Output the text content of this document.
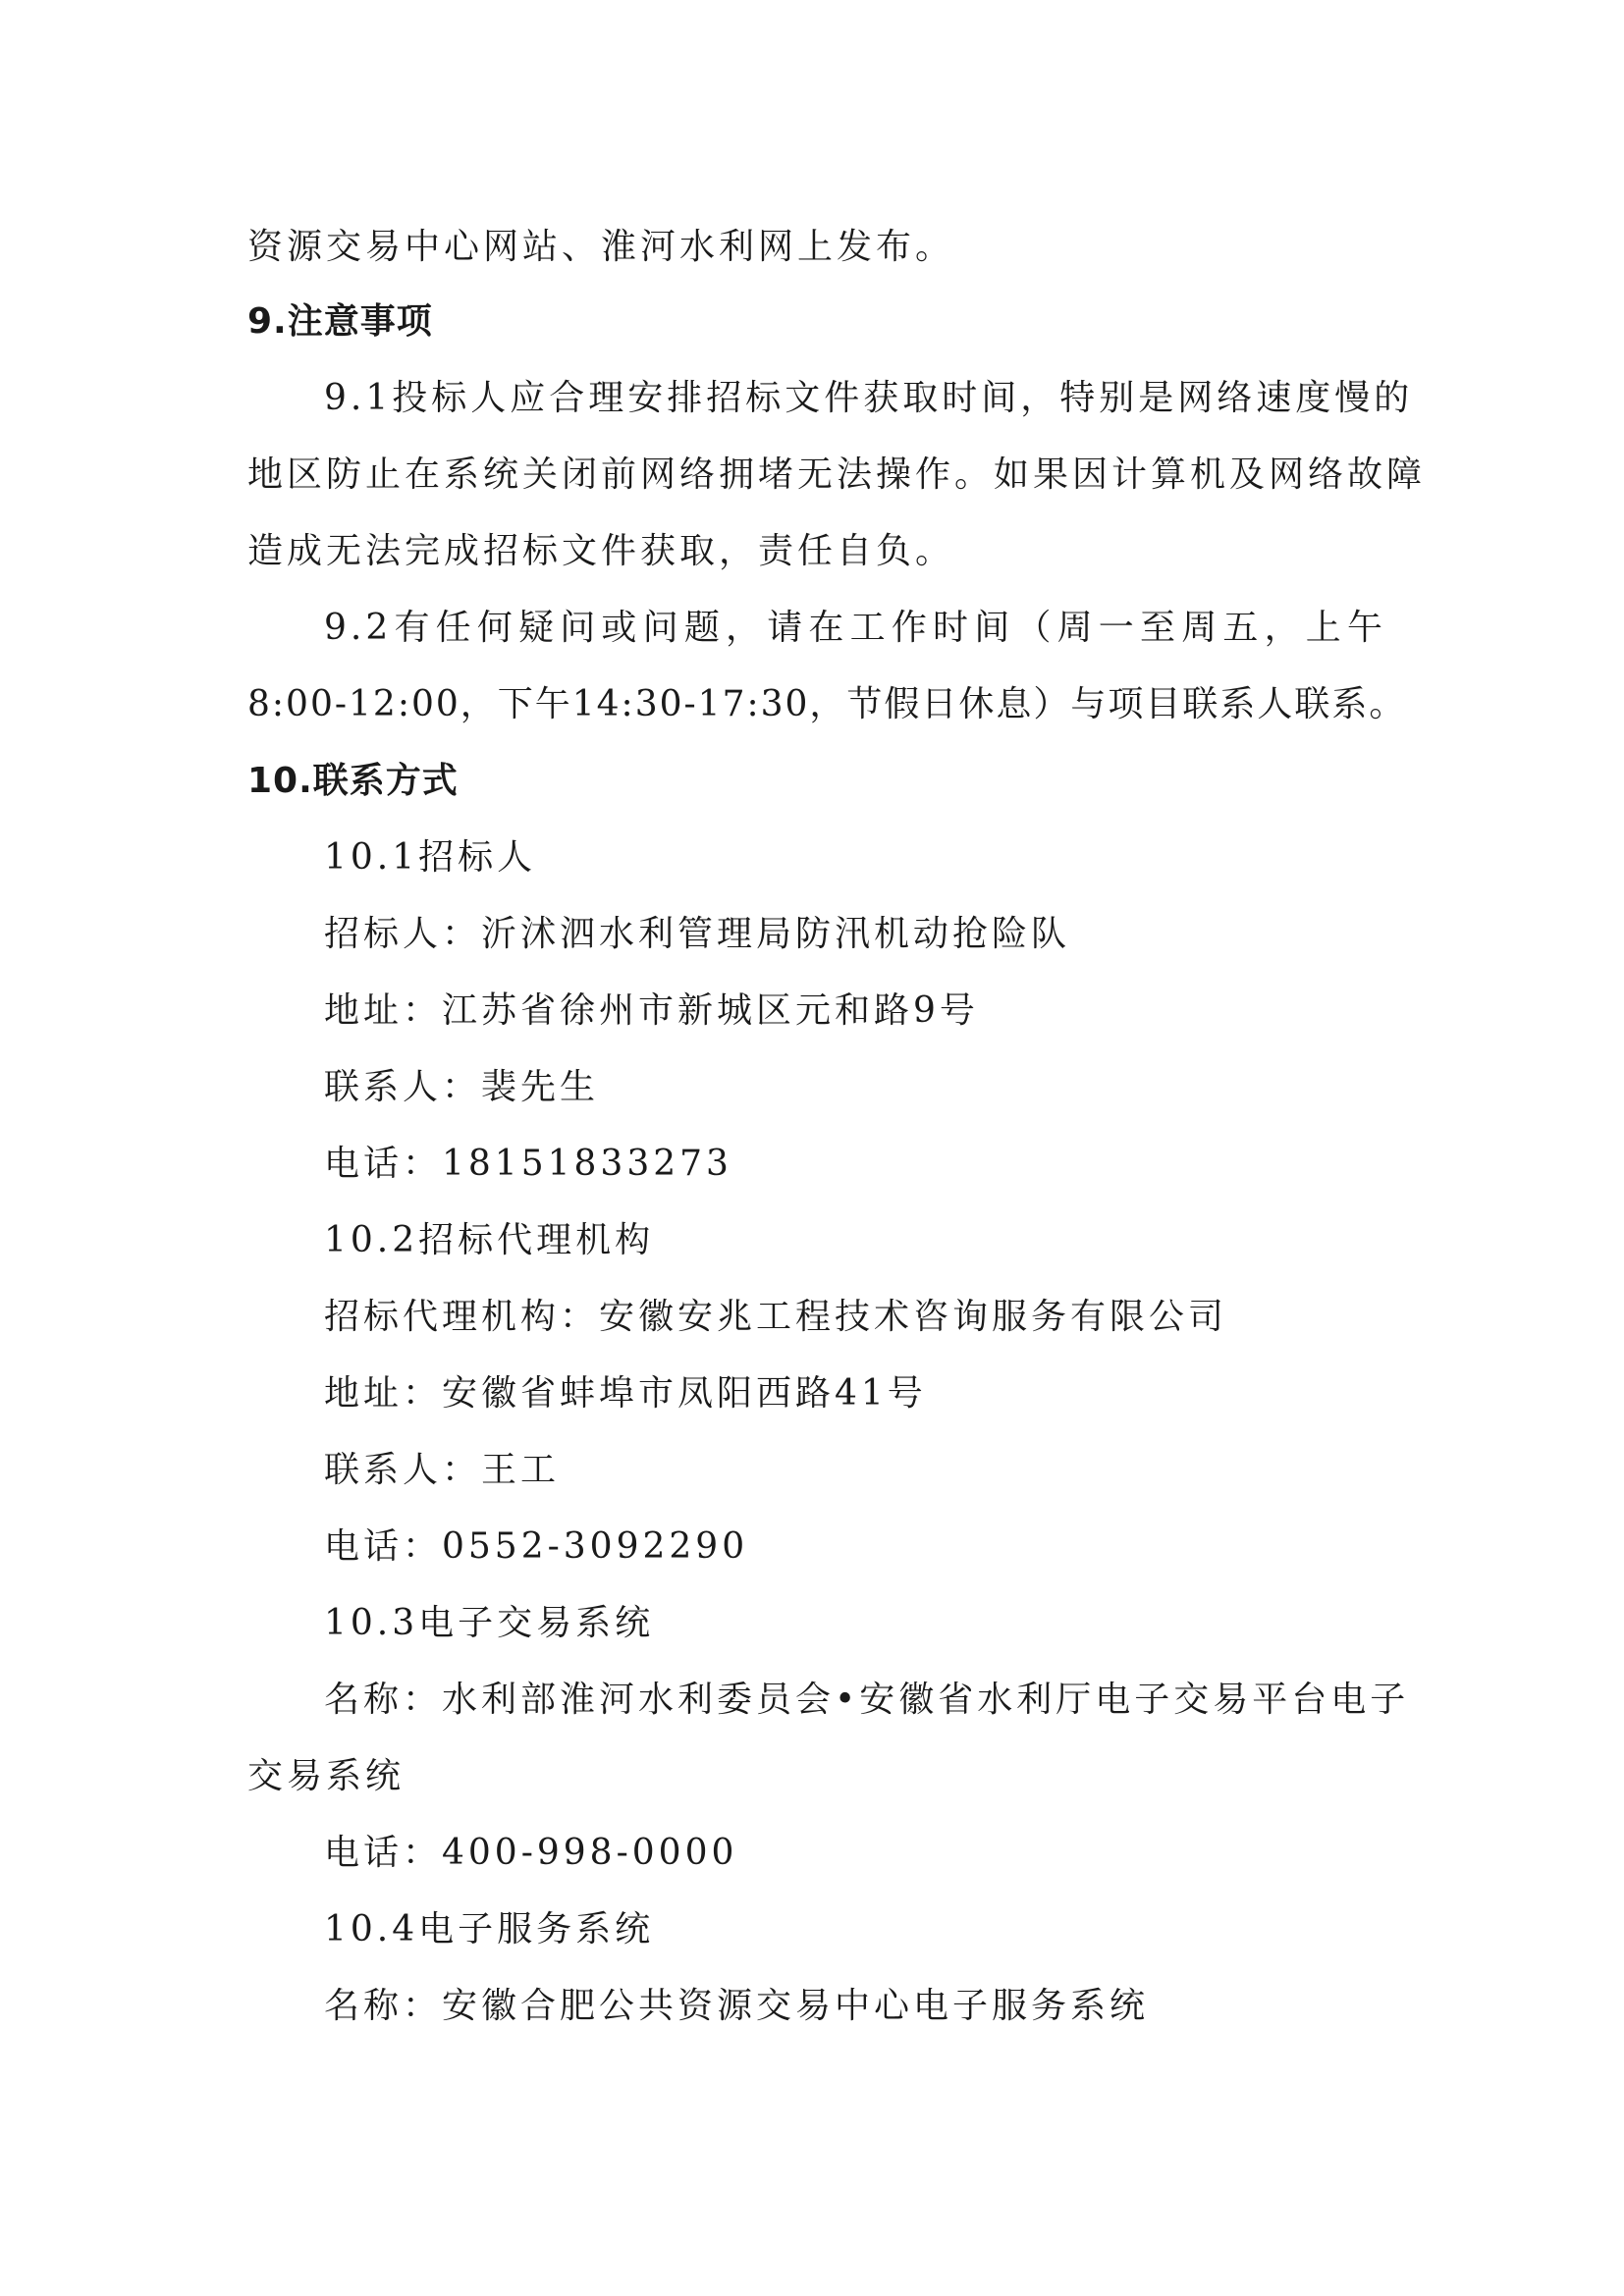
资源交易中心网站、淮河水利网上发布。
9.注意事项
9.1投标人应合理安排招标文件获取时间，特别是网络速度慢的
地区防止在系统关闭前网络拥堵无法操作。如果因计算机及网络故障
造成无法完成招标文件获取，责任自负。
9.2有任何疑问或问题，请在工作时间（周一至周五，上午
8:00-12:00，下午14:30-17:30，节假日休息）与项目联系人联系。
10.联系方式
10.1招标人
招标人：沂沭泗水利管理局防汛机动抢险队
地址：江苏省徐州市新城区元和路9号
联系人：裴先生
电话：18151833273
10.2招标代理机构
招标代理机构：安徽安兆工程技术咨询服务有限公司
地址：安徽省蚌埠市凤阳西路41号
联系人：王工
电话：0552-3092290
10.3电子交易系统
名称：水利部淮河水利委员会•安徽省水利厅电子交易平台电子
交易系统
电话：400-998-0000
10.4电子服务系统
名称：安徽合肥公共资源交易中心电子服务系统
